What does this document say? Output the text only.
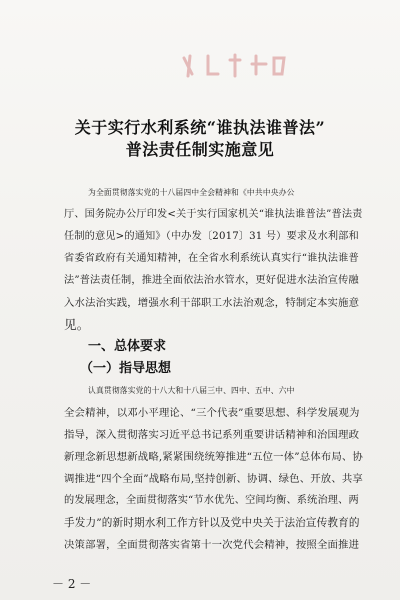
关于实行水利系统“谁执法谁普法”
普法责任制实施意见
为全面贯彻落实党的十八届四中全会精神和《中共中央办公
厅、国务院办公厅印发<关于实行国家机关“谁执法谁普法”普法责
任制的意见>的通知》（中办发〔2017〕31 号）要求及水利部和
省委省政府有关通知精神，在全省水利系统认真实行“谁执法谁普
法”普法责任制，推进全面依法治水管水，更好促进水法治宣传融
入水法治实践，增强水利干部职工水法治观念，特制定本实施意
见。
一、总体要求
（一）指导思想
认真贯彻落实党的十八大和十八届三中、四中、五中、六中
全会精神，以邓小平理论、“三个代表”重要思想、科学发展观为
指导，深入贯彻落实习近平总书记系列重要讲话精神和治国理政
新理念新思想新战略,紧紧围绕统筹推进“五位一体”总体布局、协
调推进“四个全面”战略布局,坚持创新、协调、绿色、开放、共享
的发展理念，全面贯彻落实“节水优先、空间均衡、系统治理、两
手发力”的新时期水利工作方针以及党中央关于法治宣传教育的
决策部署，全面贯彻落实省第十一次党代会精神，按照全面推进
－ 2 －
